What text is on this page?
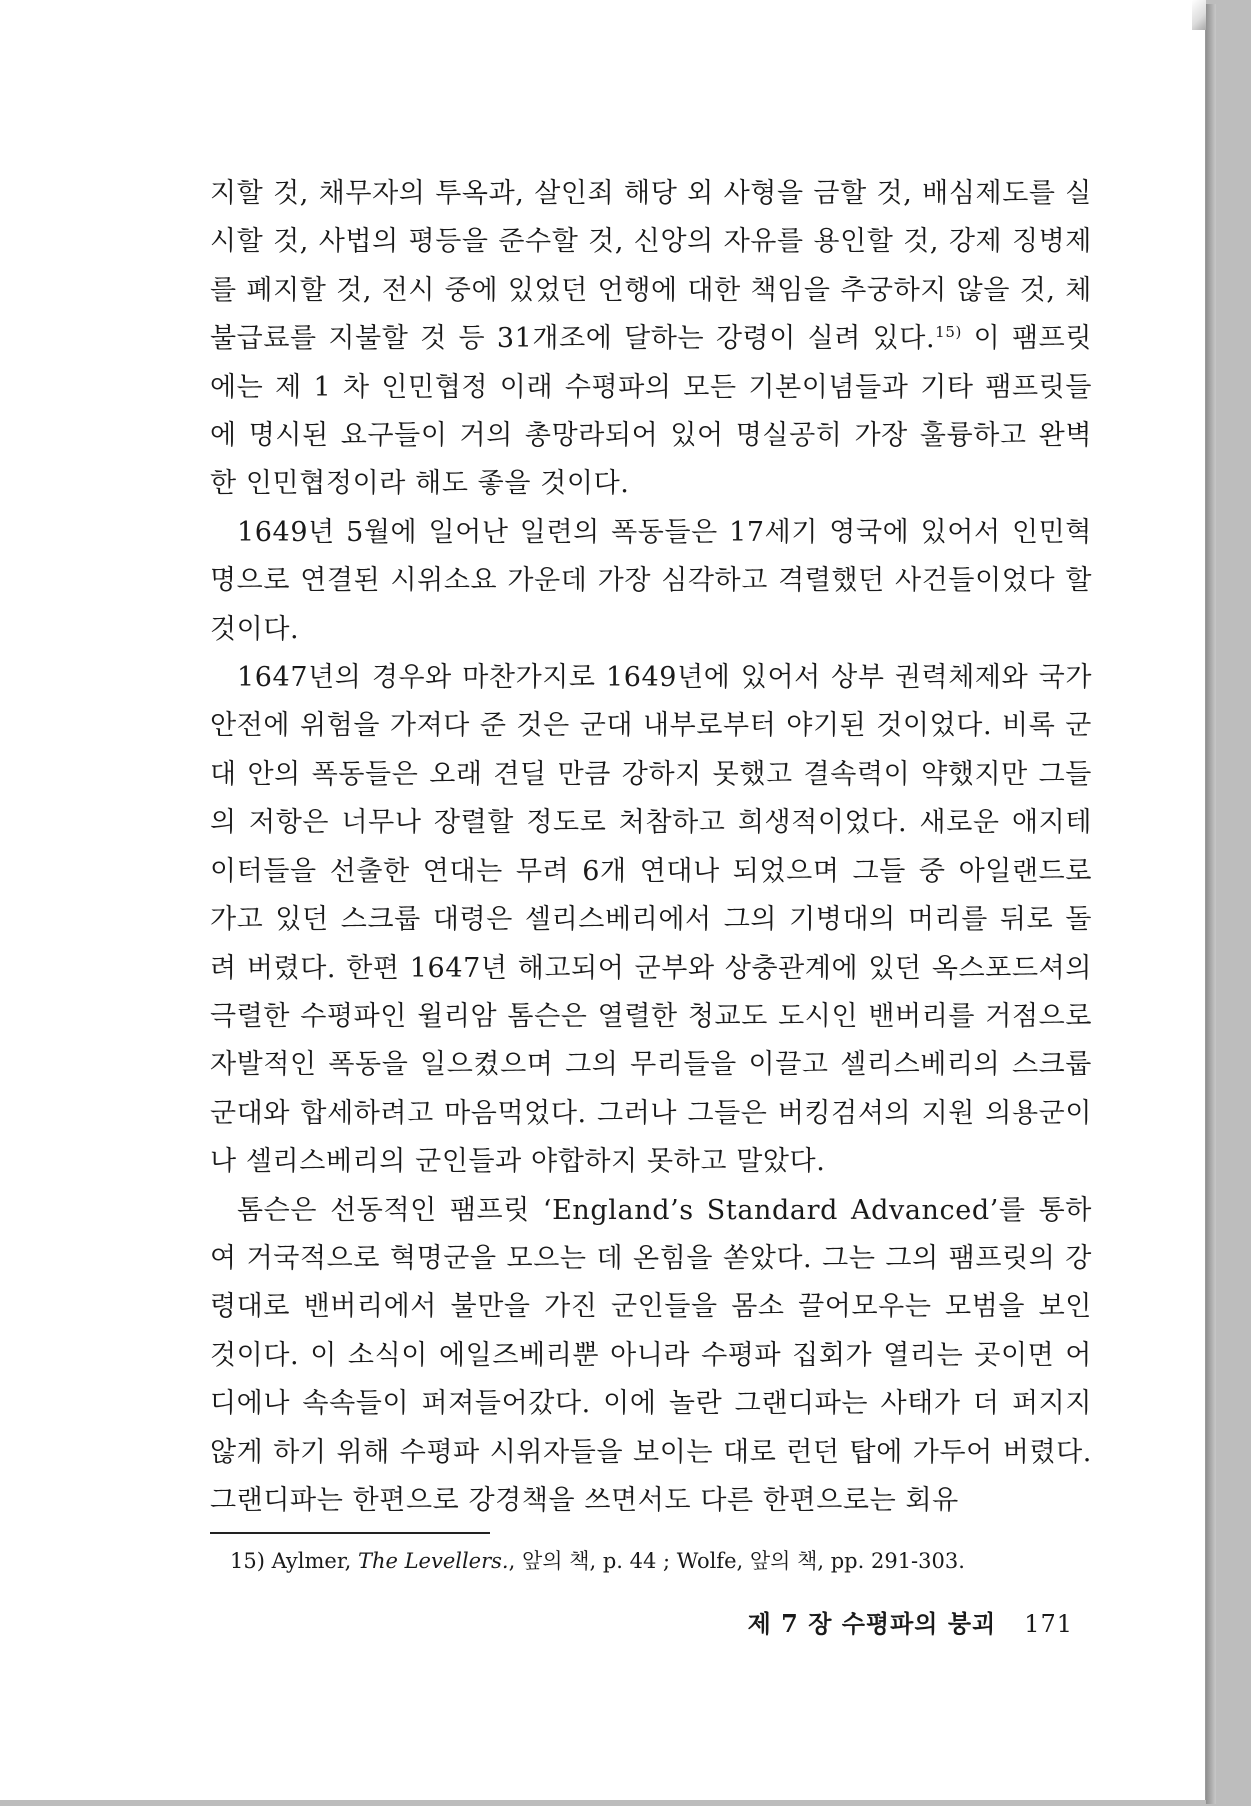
지할 것, 채무자의 투옥과, 살인죄 해당 외 사형을 금할 것, 배심제도를 실시할 것, 사법의 평등을 준수할 것, 신앙의 자유를 용인할 것, 강제 징병제를 폐지할 것, 전시 중에 있었던 언행에 대한 책임을 추궁하지 않을 것, 체불급료를 지불할 것 등 31개조에 달하는 강령이 실려 있다.$^{15)}$ 이 팸프릿에는 제 1 차 인민협정 이래 수평파의 모든 기본이념들과 기타 팸프릿들에 명시된 요구들이 거의 총망라되어 있어 명실공히 가장 훌륭하고 완벽한 인민협정이라 해도 좋을 것이다.

1649년 5월에 일어난 일련의 폭동들은 17세기 영국에 있어서 인민혁명으로 연결된 시위소요 가운데 가장 심각하고 격렬했던 사건들이었다 할 것이다.

1647년의 경우와 마찬가지로 1649년에 있어서 상부 권력체제와 국가 안전에 위험을 가져다 준 것은 군대 내부로부터 야기된 것이었다. 비록 군대 안의 폭동들은 오래 견딜 만큼 강하지 못했고 결속력이 약했지만 그들의 저항은 너무나 장렬할 정도로 처참하고 희생적이었다. 새로운 애지테이터들을 선출한 연대는 무려 6개 연대나 되었으며 그들 중 아일랜드로 가고 있던 스크룹 대령은 셀리스베리에서 그의 기병대의 머리를 뒤로 돌려 버렸다. 한편 1647년 해고되어 군부와 상충관계에 있던 옥스포드셔의 극렬한 수평파인 윌리암 톰슨은 열렬한 청교도 도시인 밴버리를 거점으로 자발적인 폭동을 일으켰으며 그의 무리들을 이끌고 셀리스베리의 스크룹 군대와 합세하려고 마음먹었다. 그러나 그들은 버킹검셔의 지원 의용군이나 셀리스베리의 군인들과 야합하지 못하고 말았다.

톰슨은 선동적인 팸프릿 ‘England’s Standard Advanced’를 통하여 거국적으로 혁명군을 모으는 데 온힘을 쏟았다. 그는 그의 팸프릿의 강령대로 밴버리에서 불만을 가진 군인들을 몸소 끌어모우는 모범을 보인 것이다. 이 소식이 에일즈베리뿐 아니라 수평파 집회가 열리는 곳이면 어디에나 속속들이 퍼져들어갔다. 이에 놀란 그랜디파는 사태가 더 퍼지지 않게 하기 위해 수평파 시위자들을 보이는 대로 런던 탑에 가두어 버렸다. 그랜디파는 한편으로 강경책을 쓰면서도 다른 한편으로는 회유

15) Aylmer, The Levellers., 앞의 책, p. 44 ; Wolfe, 앞의 책, pp. 291-303.
제 7 장 수평파의 붕괴 171
